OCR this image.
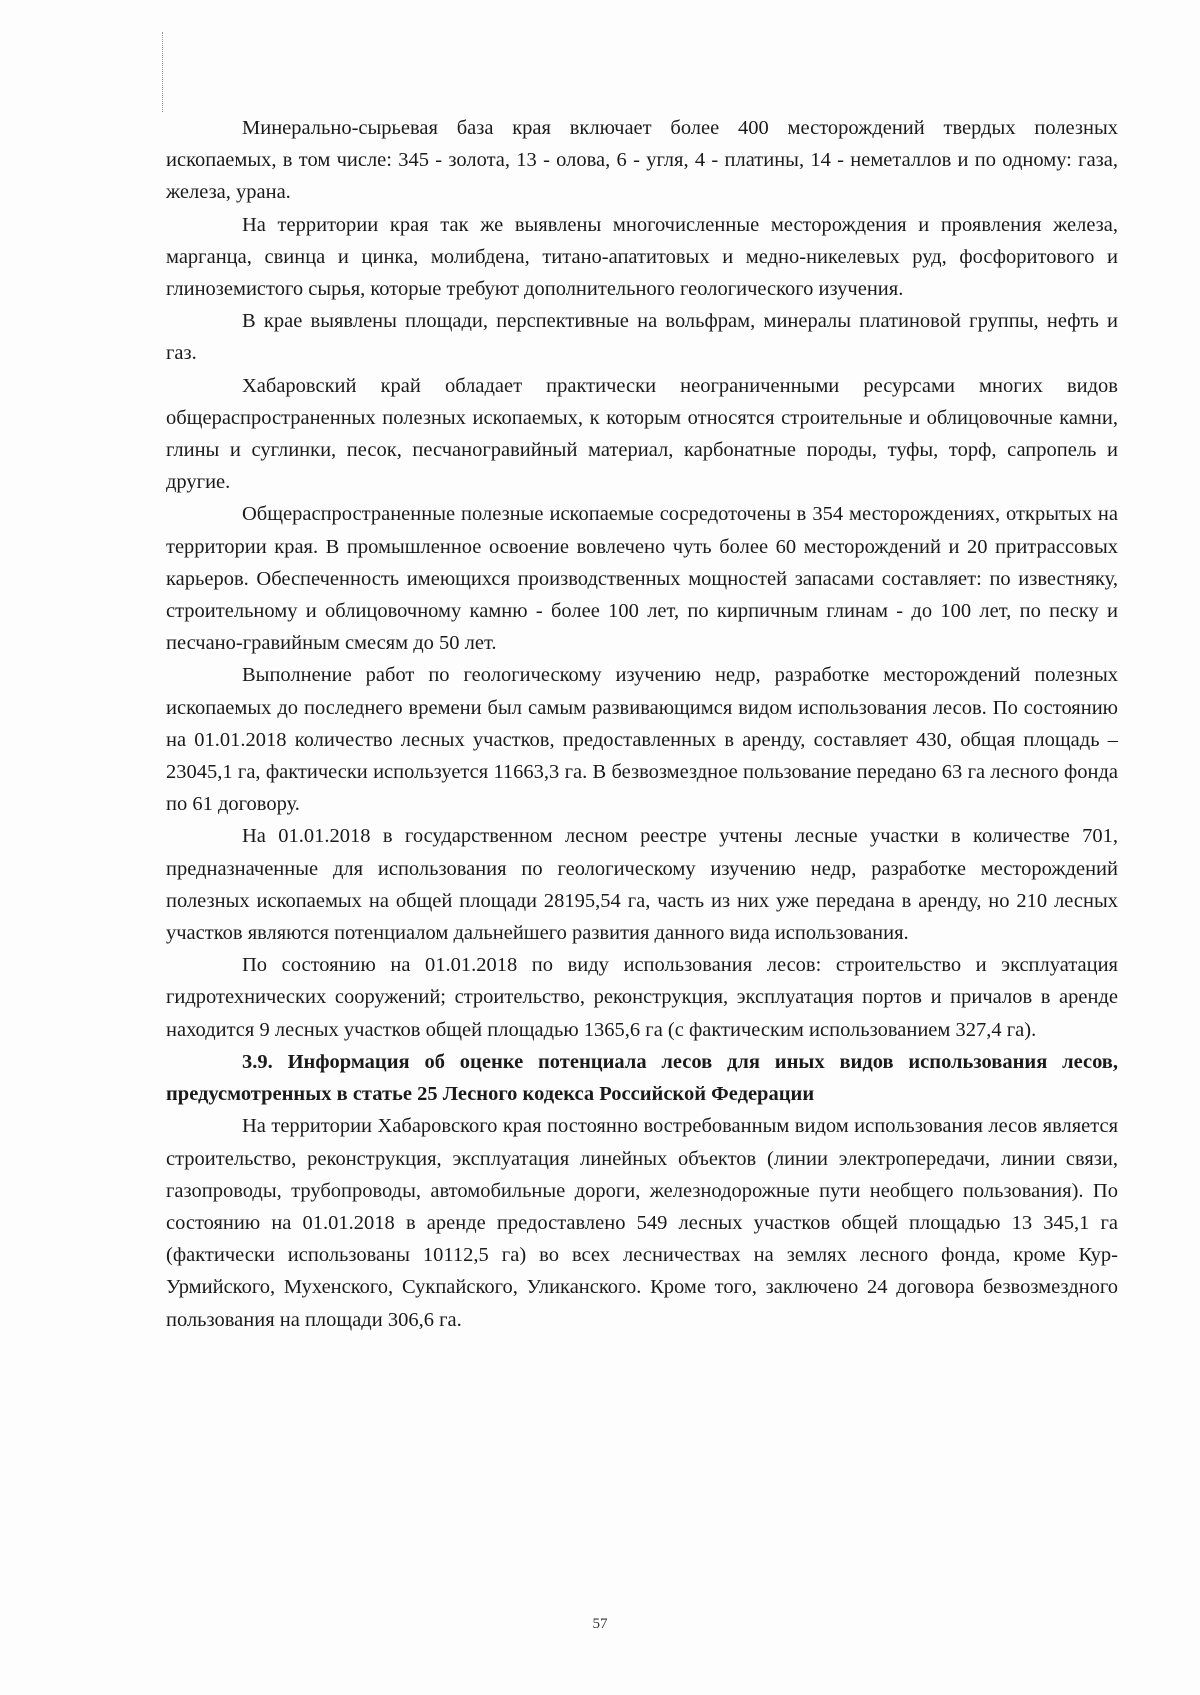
Минерально-сырьевая база края включает более 400 месторождений твердых полезных ископаемых, в том числе: 345 - золота, 13 - олова, 6 - угля, 4 - платины, 14 - неметаллов и по одному: газа, железа, урана.

На территории края так же выявлены многочисленные месторождения и проявления железа, марганца, свинца и цинка, молибдена, титано-апатитовых и медно-никелевых руд, фосфоритового и глиноземистого сырья, которые требуют дополнительного геологического изучения.

В крае выявлены площади, перспективные на вольфрам, минералы платиновой группы, нефть и газ.

Хабаровский край обладает практически неограниченными ресурсами многих видов общераспространенных полезных ископаемых, к которым относятся строительные и облицовочные камни, глины и суглинки, песок, песчаногравийный материал, карбонатные породы, туфы, торф, сапропель и другие.

Общераспространенные полезные ископаемые сосредоточены в 354 месторождениях, открытых на территории края. В промышленное освоение вовлечено чуть более 60 месторождений и 20 притрассовых карьеров. Обеспеченность имеющихся производственных мощностей запасами составляет: по известняку, строительному и облицовочному камню - более 100 лет, по кирпичным глинам - до 100 лет, по песку и песчано-гравийным смесям до 50 лет.

Выполнение работ по геологическому изучению недр, разработке месторождений полезных ископаемых до последнего времени был самым развивающимся видом использования лесов. По состоянию на 01.01.2018 количество лесных участков, предоставленных в аренду, составляет 430, общая площадь – 23045,1 га, фактически используется 11663,3 га. В безвозмездное пользование передано 63 га лесного фонда по 61 договору.

На 01.01.2018 в государственном лесном реестре учтены лесные участки в количестве 701, предназначенные для использования по геологическому изучению недр, разработке месторождений полезных ископаемых на общей площади 28195,54 га, часть из них уже передана в аренду, но 210 лесных участков являются потенциалом дальнейшего развития данного вида использования.

По состоянию на 01.01.2018 по виду использования лесов: строительство и эксплуатация гидротехнических сооружений; строительство, реконструкция, эксплуатация портов и причалов в аренде находится 9 лесных участков общей площадью 1365,6 га (с фактическим использованием 327,4 га).

3.9. Информация об оценке потенциала лесов для иных видов использования лесов, предусмотренных в статье 25 Лесного кодекса Российской Федерации

На территории Хабаровского края постоянно востребованным видом использования лесов является строительство, реконструкция, эксплуатация линейных объектов (линии электропередачи, линии связи, газопроводы, трубопроводы, автомобильные дороги, железнодорожные пути необщего пользования). По состоянию на 01.01.2018 в аренде предоставлено 549 лесных участков общей площадью 13 345,1 га (фактически использованы 10112,5 га) во всех лесничествах на землях лесного фонда, кроме Кур-Урмийского, Мухенского, Сукпайского, Уликанского. Кроме того, заключено 24 договора безвозмездного пользования на площади 306,6 га.

57
